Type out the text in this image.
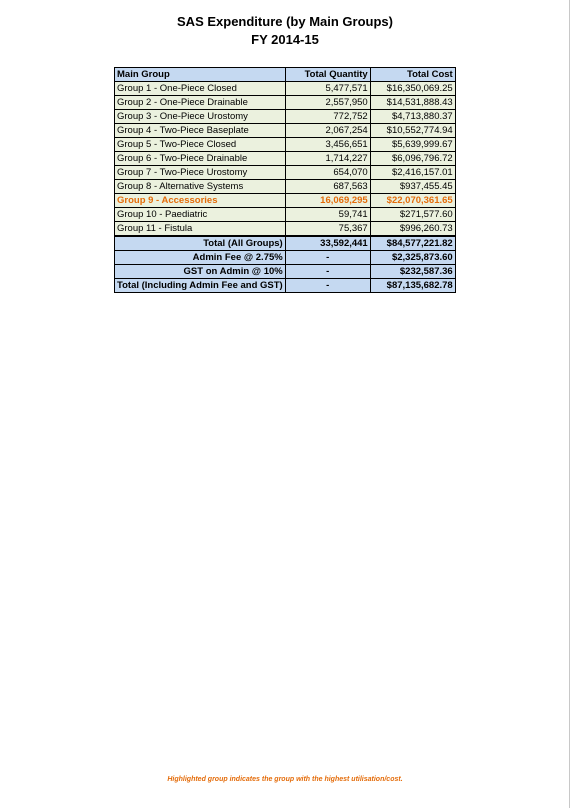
SAS Expenditure (by Main Groups)
FY 2014-15
Main Group	Total Quantity	Total Cost
Group 1 - One-Piece Closed	5,477,571	$16,350,069.25
Group 2 - One-Piece Drainable	2,557,950	$14,531,888.43
Group 3 - One-Piece Urostomy	772,752	$4,713,880.37
Group 4 - Two-Piece Baseplate	2,067,254	$10,552,774.94
Group 5 - Two-Piece Closed	3,456,651	$5,639,999.67
Group 6 - Two-Piece Drainable	1,714,227	$6,096,796.72
Group 7 - Two-Piece Urostomy	654,070	$2,416,157.01
Group 8 - Alternative Systems	687,563	$937,455.45
Group 9 - Accessories	16,069,295	$22,070,361.65
Group 10 - Paediatric	59,741	$271,577.60
Group 11 - Fistula	75,367	$996,260.73
Total (All Groups)	33,592,441	$84,577,221.82
Admin Fee @ 2.75%	-	$2,325,873.60
GST on Admin @ 10%	-	$232,587.36
Total (Including Admin Fee and GST)	-	$87,135,682.78
Highlighted group indicates the group with the highest utilisation/cost.
